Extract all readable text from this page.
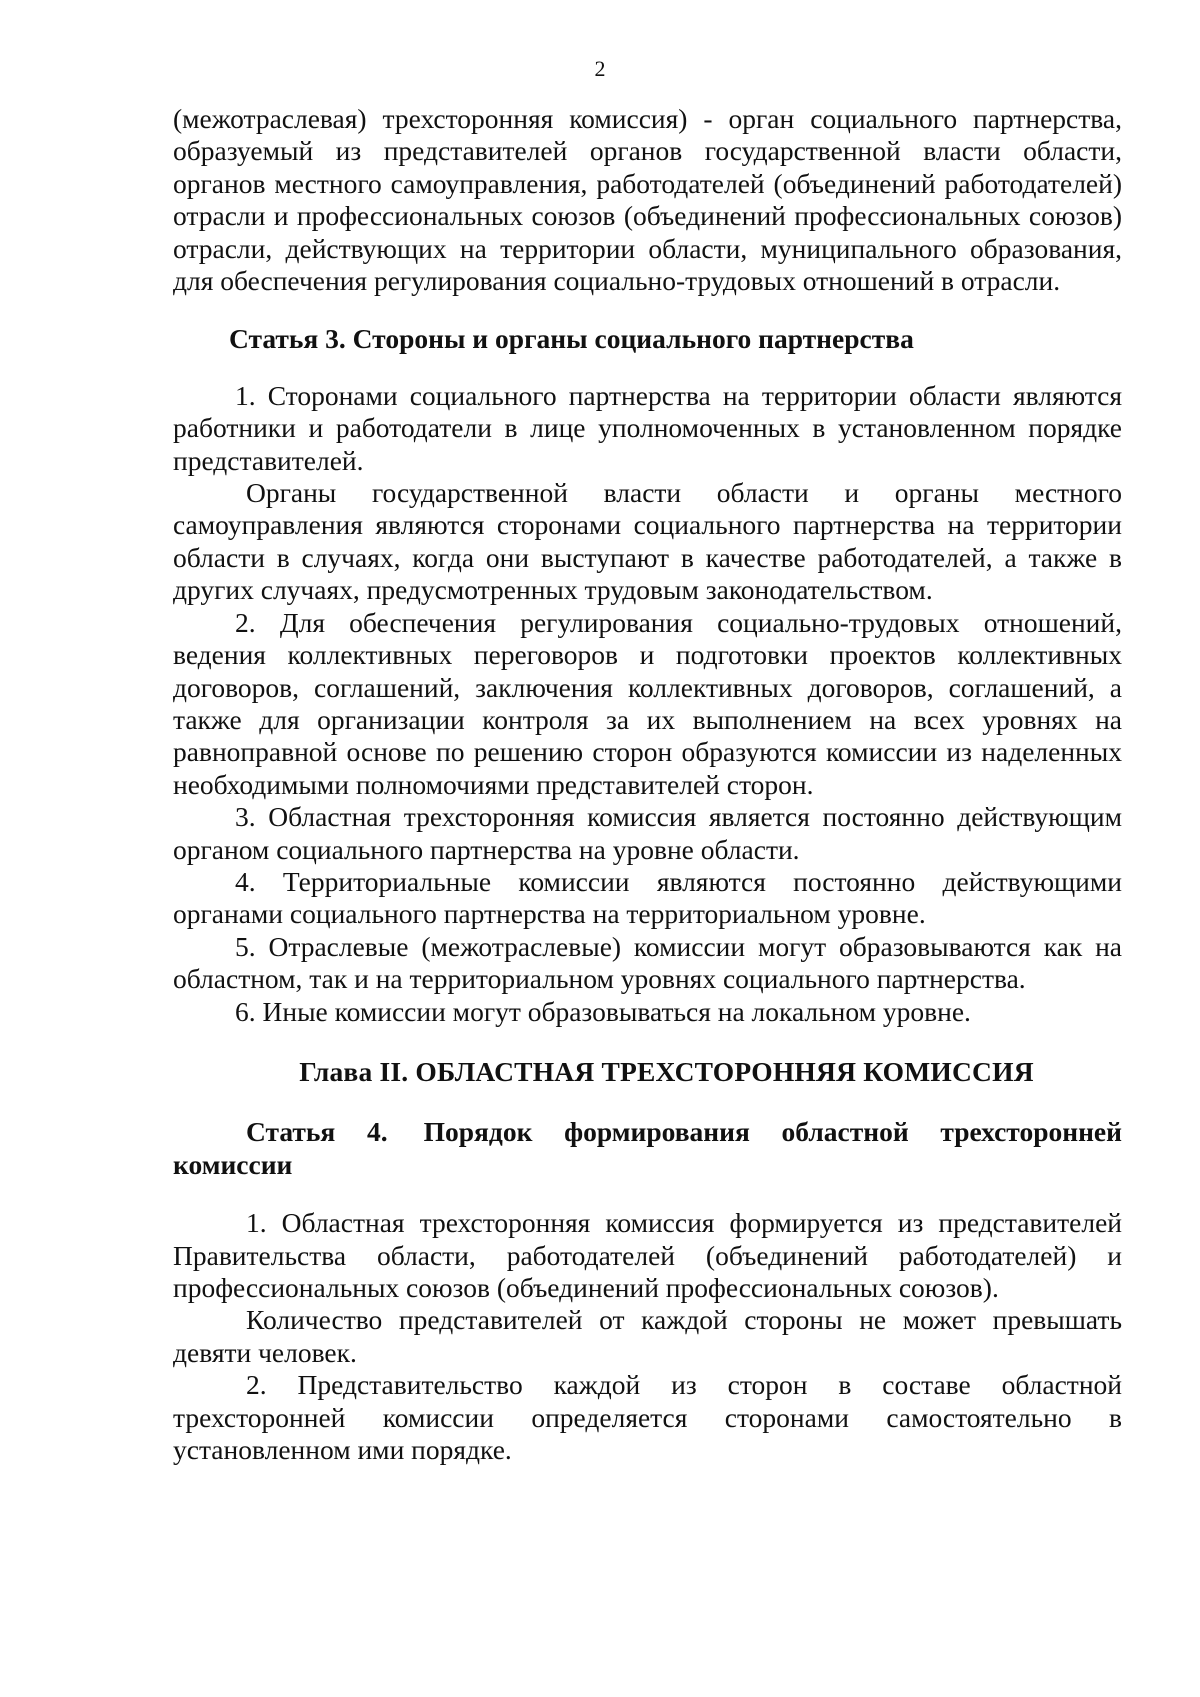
2

(межотраслевая) трехсторонняя комиссия) - орган социального партнерства, образуемый из представителей органов государственной власти области, органов местного самоуправления, работодателей (объединений работодателей) отрасли и профессиональных союзов (объединений профессиональных союзов) отрасли, действующих на территории области, муниципального образования, для обеспечения регулирования социально-трудовых отношений в отрасли.

Статья 3. Стороны и органы социального партнерства

1. Сторонами социального партнерства на территории области являются работники и работодатели в лице уполномоченных в установленном порядке представителей.

Органы государственной власти области и органы местного самоуправления являются сторонами социального партнерства на территории области в случаях, когда они выступают в качестве работодателей, а также в других случаях, предусмотренных трудовым законодательством.

2. Для обеспечения регулирования социально-трудовых отношений, ведения коллективных переговоров и подготовки проектов коллективных договоров, соглашений, заключения коллективных договоров, соглашений, а также для организации контроля за их выполнением на всех уровнях на равноправной основе по решению сторон образуются комиссии из наделенных необходимыми полномочиями представителей сторон.

3. Областная трехсторонняя комиссия является постоянно действующим органом социального партнерства на уровне области.

4. Территориальные комиссии являются постоянно действующими органами социального партнерства на территориальном уровне.

5. Отраслевые (межотраслевые) комиссии могут образовываются как на областном, так и на территориальном уровнях социального партнерства.

6. Иные комиссии могут образовываться на локальном уровне.

Глава II. ОБЛАСТНАЯ ТРЕХСТОРОННЯЯ КОМИССИЯ

Статья 4. Порядок формирования областной трехсторонней комиссии

1. Областная трехсторонняя комиссия формируется из представителей Правительства области, работодателей (объединений работодателей) и профессиональных союзов (объединений профессиональных союзов).

Количество представителей от каждой стороны не может превышать девяти человек.

2. Представительство каждой из сторон в составе областной трехсторонней комиссии определяется сторонами самостоятельно в установленном ими порядке.
